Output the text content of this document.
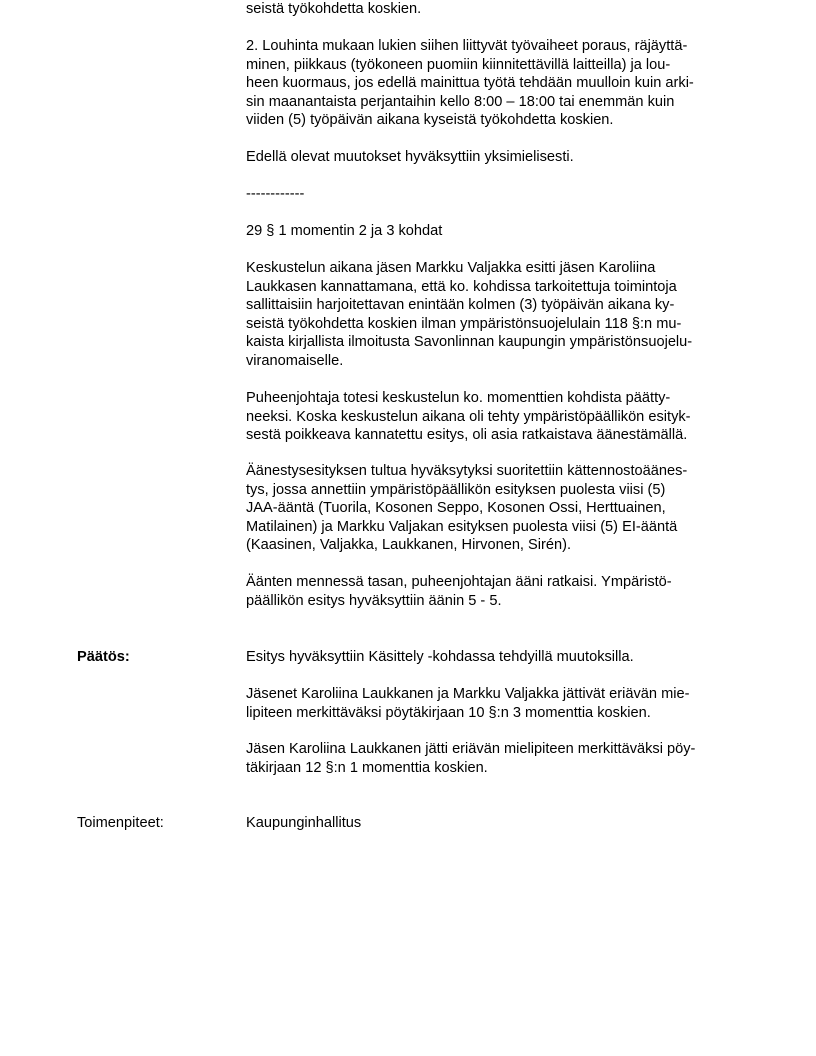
seistä työkohdetta koskien.
2. Louhinta mukaan lukien siihen liittyvät työvaiheet poraus, räjäyttä-
minen, piikkaus (työkoneen puomiin kiinnitettävillä laitteilla) ja lou-
heen kuormaus, jos edellä mainittua työtä tehdään muulloin kuin arki-
sin maanantaista perjantaihin kello 8:00 – 18:00 tai enemmän kuin
viiden (5) työpäivän aikana kyseistä työkohdetta koskien.
Edellä olevat muutokset hyväksyttiin yksimielisesti.
------------
29 § 1 momentin 2 ja 3 kohdat
Keskustelun aikana jäsen Markku Valjakka esitti jäsen Karoliina
Laukkasen kannattamana, että ko. kohdissa tarkoitettuja toimintoja
sallittaisiin harjoitettavan enintään kolmen (3) työpäivän aikana ky-
seistä työkohdetta koskien ilman ympäristönsuojelulain 118 §:n mu-
kaista kirjallista ilmoitusta Savonlinnan kaupungin ympäristönsuojelu-
viranomaiselle.
Puheenjohtaja totesi keskustelun ko. momenttien kohdista päätty-
neeksi. Koska keskustelun aikana oli tehty ympäristöpäällikön esityk-
sestä poikkeava kannatettu esitys, oli asia ratkaistava äänestämällä.
Äänestysesityksen tultua hyväksytyksi suoritettiin kättennostoäänes-
tys, jossa annettiin ympäristöpäällikön esityksen puolesta viisi (5)
JAA-ääntä (Tuorila, Kosonen Seppo, Kosonen Ossi, Herttuainen,
Matilainen) ja Markku Valjakan esityksen puolesta viisi (5) EI-ääntä
(Kaasinen, Valjakka, Laukkanen, Hirvonen, Sirén).
Äänten mennessä tasan, puheenjohtajan ääni ratkaisi. Ympäristö-
päällikön esitys hyväksyttiin äänin 5 - 5.
Päätös:	Esitys hyväksyttiin Käsittely -kohdassa tehdyillä muutoksilla.
Jäsenet Karoliina Laukkanen ja Markku Valjakka jättivät eriävän mie-
lipiteen merkittäväksi pöytäkirjaan 10 §:n 3 momenttia koskien.
Jäsen Karoliina Laukkanen jätti eriävän mielipiteen merkittäväksi pöy-
täkirjaan 12 §:n 1 momenttia koskien.
Toimenpiteet:	Kaupunginhallitus
